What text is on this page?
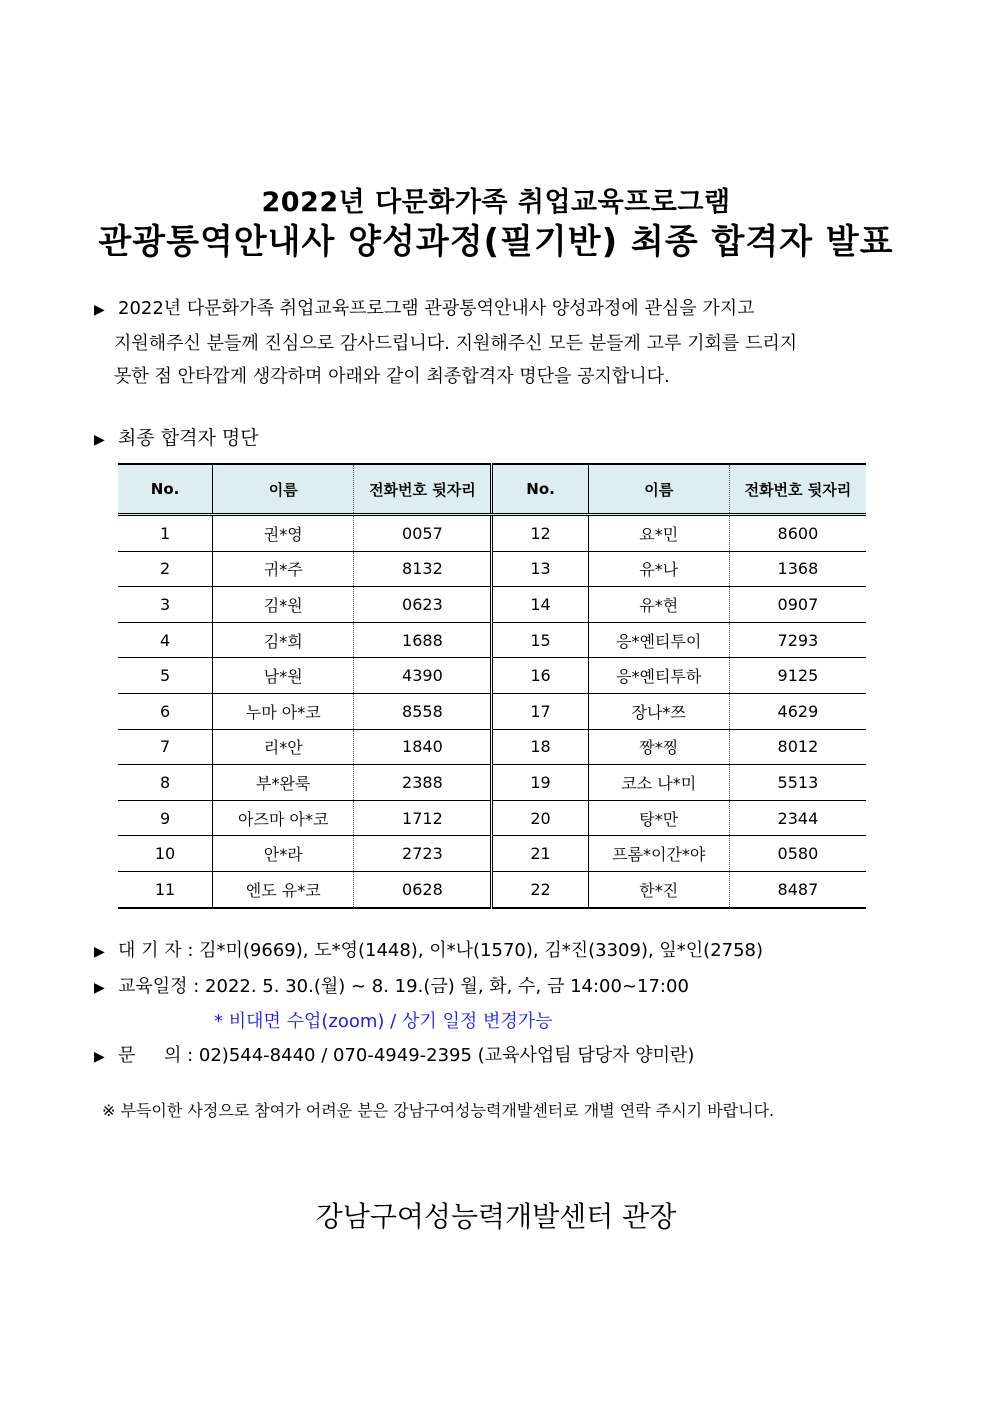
2022년 다문화가족 취업교육프로그램
관광통역안내사 양성과정(필기반) 최종 합격자 발표
▶ 2022년 다문화가족 취업교육프로그램 관광통역안내사 양성과정에 관심을 가지고
지원해주신 분들께 진심으로 감사드립니다. 지원해주신 모든 분들게 고루 기회를 드리지
못한 점 안타깝게 생각하며 아래와 같이 최종합격자 명단을 공지합니다.
▶ 최종 합격자 명단
No.	이름	전화번호 뒷자리	No.	이름	전화번호 뒷자리
1	권*영	0057	12	요*민	8600
2	귀*주	8132	13	유*나	1368
3	김*원	0623	14	유*현	0907
4	김*희	1688	15	응*옌티투이	7293
5	남*원	4390	16	응*옌티투하	9125
6	누마 아*코	8558	17	장나*쯔	4629
7	리*안	1840	18	짱*찡	8012
8	부*완룩	2388	19	코소 나*미	5513
9	아즈마 아*코	1712	20	탕*만	2344
10	안*라	2723	21	프롬*이간*야	0580
11	엔도 유*코	0628	22	한*진	8487
▶ 대 기 자 : 김*미(9669), 도*영(1448), 이*나(1570), 김*진(3309), 잎*인(2758)
▶ 교육일정 : 2022. 5. 30.(월) ~ 8. 19.(금) 월, 화, 수, 금 14:00~17:00
* 비대면 수업(zoom) / 상기 일정 변경가능
▶ 문     의 : 02)544-8440 / 070-4949-2395 (교육사업팀 담당자 양미란)
※ 부득이한 사정으로 참여가 어려운 분은 강남구여성능력개발센터로 개별 연락 주시기 바랍니다.
강남구여성능력개발센터 관장
